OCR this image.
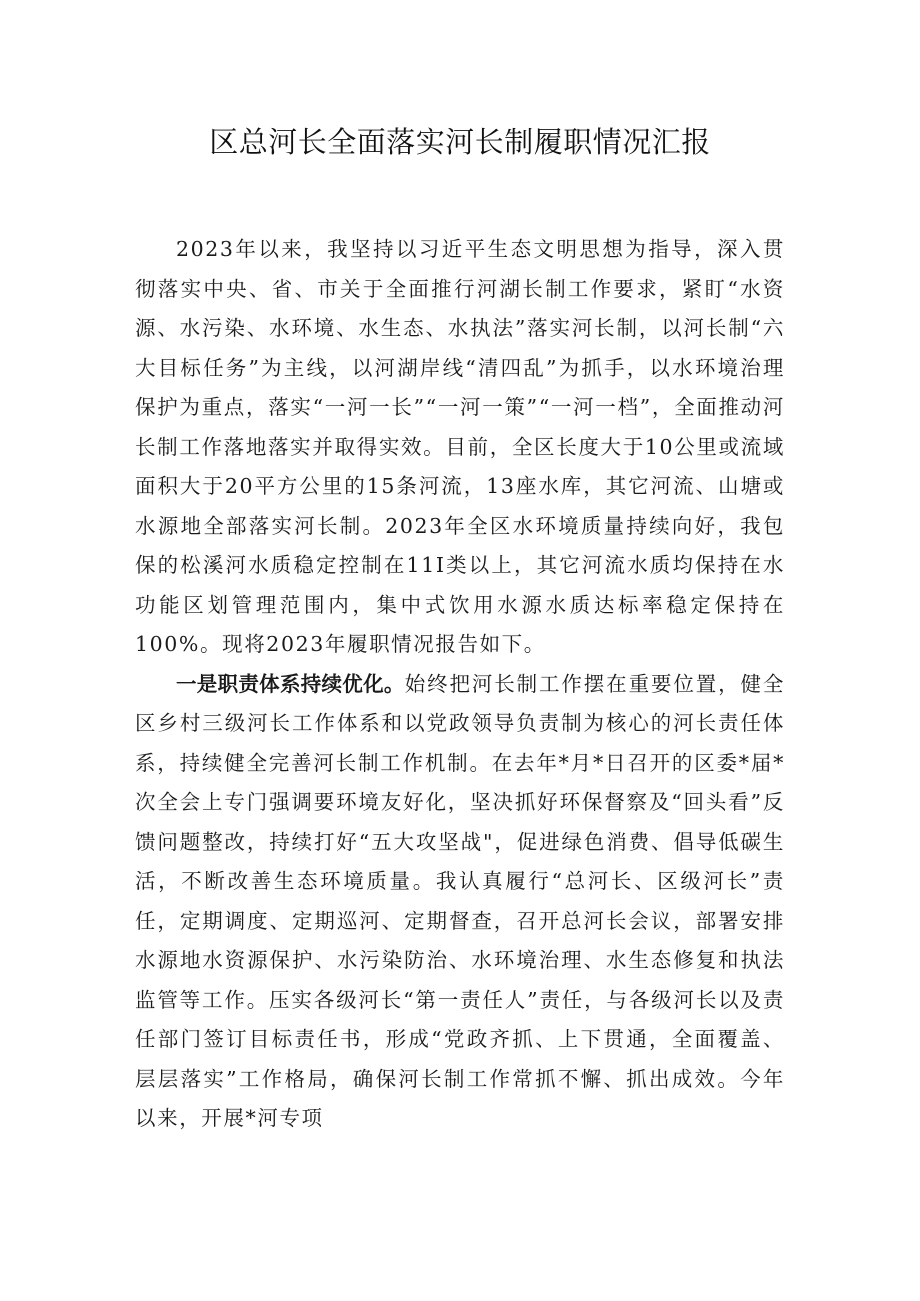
区总河长全面落实河长制履职情况汇报

2023年以来，我坚持以习近平生态文明思想为指导，深入贯彻落实中央、省、市关于全面推行河湖长制工作要求，紧盯“水资源、水污染、水环境、水生态、水执法”落实河长制，以河长制“六大目标任务”为主线，以河湖岸线“清四乱”为抓手，以水环境治理保护为重点，落实“一河一长”“一河一策”“一河一档”，全面推动河长制工作落地落实并取得实效。目前，全区长度大于10公里或流域面积大于20平方公里的15条河流，13座水库，其它河流、山塘或水源地全部落实河长制。2023年全区水环境质量持续向好，我包保的松溪河水质稳定控制在11I类以上，其它河流水质均保持在水功能区划管理范围内，集中式饮用水源水质达标率稳定保持在100%。现将2023年履职情况报告如下。

一是职责体系持续优化。始终把河长制工作摆在重要位置，健全区乡村三级河长工作体系和以党政领导负责制为核心的河长责任体系，持续健全完善河长制工作机制。在去年*月*日召开的区委*届*次全会上专门强调要环境友好化，坚决抓好环保督察及“回头看”反馈问题整改，持续打好“五大攻坚战"，促进绿色消费、倡导低碳生活，不断改善生态环境质量。我认真履行“总河长、区级河长”责任，定期调度、定期巡河、定期督查，召开总河长会议，部署安排水源地水资源保护、水污染防治、水环境治理、水生态修复和执法监管等工作。压实各级河长“第一责任人”责任，与各级河长以及责任部门签订目标责任书，形成“党政齐抓、上下贯通，全面覆盖、层层落实”工作格局，确保河长制工作常抓不懈、抓出成效。今年以来，开展*河专项
